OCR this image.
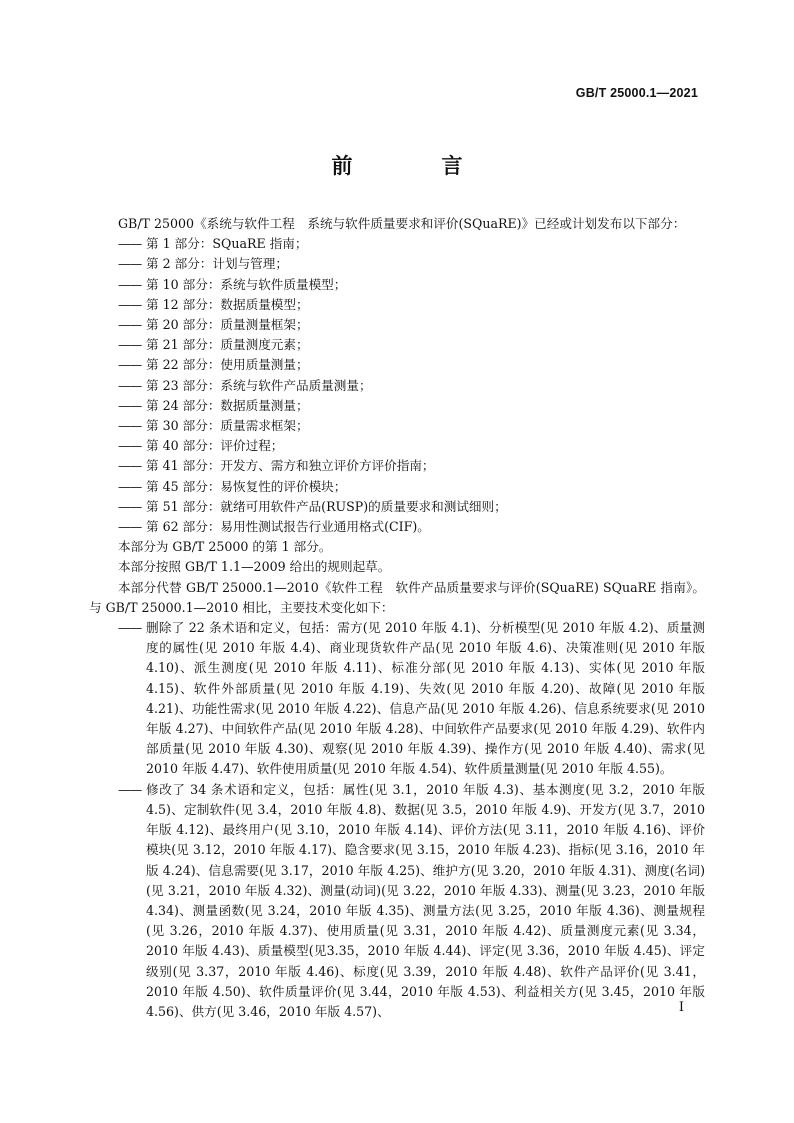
GB/T 25000.1—2021
前　言

GB/T 25000《系统与软件工程　系统与软件质量要求和评价(SQuaRE)》已经或计划发布以下部分：

—— 第 1 部分：SQuaRE 指南；
—— 第 2 部分：计划与管理；
—— 第 10 部分：系统与软件质量模型；
—— 第 12 部分：数据质量模型；
—— 第 20 部分：质量测量框架；
—— 第 21 部分：质量测度元素；
—— 第 22 部分：使用质量测量；
—— 第 23 部分：系统与软件产品质量测量；
—— 第 24 部分：数据质量测量；
—— 第 30 部分：质量需求框架；
—— 第 40 部分：评价过程；
—— 第 41 部分：开发方、需方和独立评价方评价指南；
—— 第 45 部分：易恢复性的评价模块；
—— 第 51 部分：就绪可用软件产品(RUSP)的质量要求和测试细则；
—— 第 62 部分：易用性测试报告行业通用格式(CIF)。

本部分为 GB/T 25000 的第 1 部分。

本部分按照 GB/T 1.1—2009 给出的规则起草。

本部分代替 GB/T 25000.1—2010《软件工程　软件产品质量要求与评价(SQuaRE) SQuaRE 指南》。与 GB/T 25000.1—2010 相比，主要技术变化如下：

—— 删除了 22 条术语和定义，包括：需方(见 2010 年版 4.1)、分析模型(见 2010 年版 4.2)、质量测度的属性(见 2010 年版 4.4)、商业现货软件产品(见 2010 年版 4.6)、决策准则(见 2010 年版 4.10)、派生测度(见 2010 年版 4.11)、标准分部(见 2010 年版 4.13)、实体(见 2010 年版 4.15)、软件外部质量(见 2010 年版 4.19)、失效(见 2010 年版 4.20)、故障(见 2010 年版 4.21)、功能性需求(见 2010 年版 4.22)、信息产品(见 2010 年版 4.26)、信息系统要求(见 2010 年版 4.27)、中间软件产品(见 2010 年版 4.28)、中间软件产品要求(见 2010 年版 4.29)、软件内部质量(见 2010 年版 4.30)、观察(见 2010 年版 4.39)、操作方(见 2010 年版 4.40)、需求(见 2010 年版 4.47)、软件使用质量(见 2010 年版 4.54)、软件质量测量(见 2010 年版 4.55)。
—— 修改了 34 条术语和定义，包括：属性(见 3.1，2010 年版 4.3)、基本测度(见 3.2，2010 年版 4.5)、定制软件(见 3.4，2010 年版 4.8)、数据(见 3.5，2010 年版 4.9)、开发方(见 3.7，2010 年版 4.12)、最终用户(见 3.10，2010 年版 4.14)、评价方法(见 3.11，2010 年版 4.16)、评价模块(见 3.12，2010 年版 4.17)、隐含要求(见 3.15，2010 年版 4.23)、指标(见 3.16，2010 年版 4.24)、信息需要(见 3.17，2010 年版 4.25)、维护方(见 3.20，2010 年版 4.31)、测度(名词)(见 3.21，2010 年版 4.32)、测量(动词)(见 3.22，2010 年版 4.33)、测量(见 3.23，2010 年版 4.34)、测量函数(见 3.24，2010 年版 4.35)、测量方法(见 3.25，2010 年版 4.36)、测量规程(见 3.26，2010 年版 4.37)、使用质量(见 3.31，2010 年版 4.42)、质量测度元素(见 3.34，2010 年版 4.43)、质量模型(见3.35，2010 年版 4.44)、评定(见 3.36，2010 年版 4.45)、评定级别(见 3.37，2010 年版 4.46)、标度(见 3.39，2010 年版 4.48)、软件产品评价(见 3.41，2010 年版 4.50)、软件质量评价(见 3.44，2010 年版 4.53)、利益相关方(见 3.45，2010 年版 4.56)、供方(见 3.46，2010 年版 4.57)、	I
